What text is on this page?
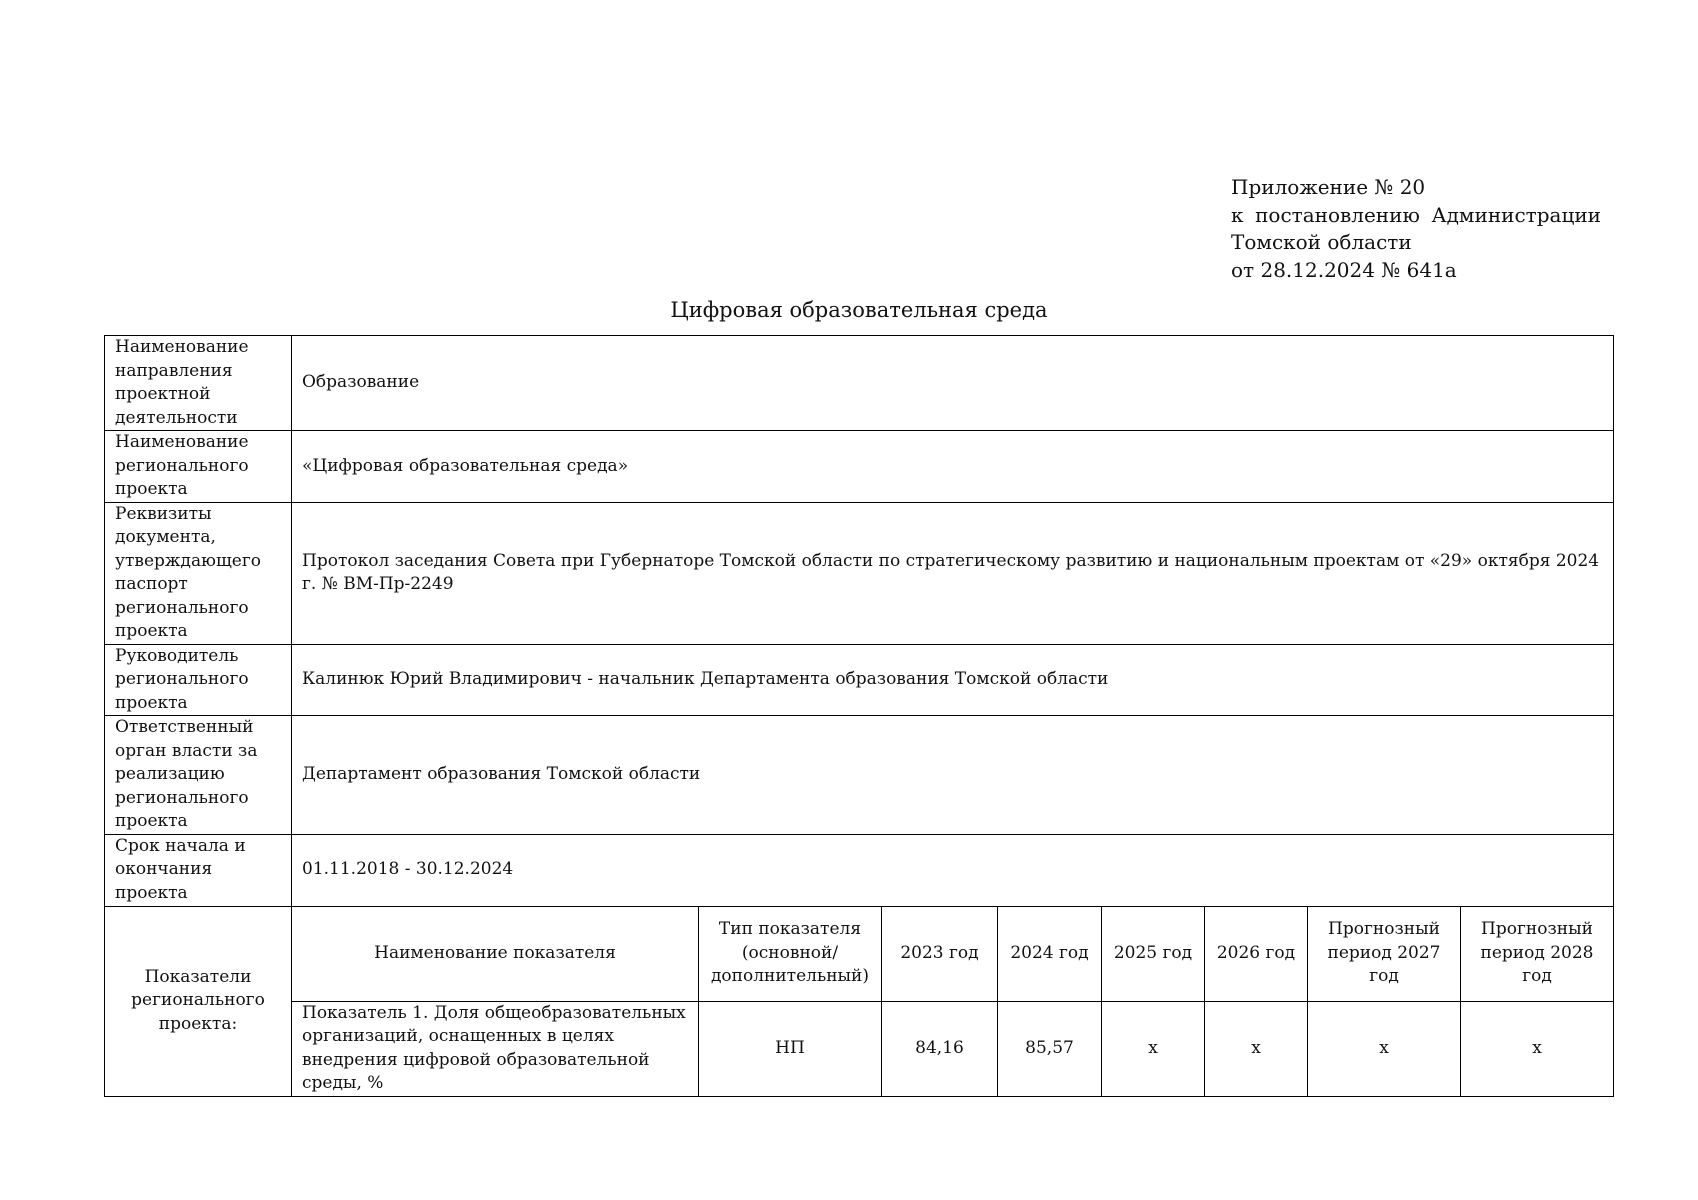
Приложение № 20
к постановлению Администрации
Томской области
от 28.12.2024 № 641а
Цифровая образовательная среда
Наименование направления проектной деятельности	Образование							
Наименование регионального проекта	«Цифровая образовательная среда»							
Реквизиты документа, утверждающего паспорт регионального проекта	Протокол заседания Совета при Губернаторе Томской области по стратегическому развитию и национальным проектам от «29» октября 2024 г. № ВМ-Пр-2249							
Руководитель регионального проекта	Калинюк Юрий Владимирович - начальник Департамента образования Томской области							
Ответственный орган власти за реализацию регионального проекта	Департамент образования Томской области							
Срок начала и окончания проекта	01.11.2018 - 30.12.2024							
Показатели регионального проекта:	Наименование показателя	Тип показателя (основной/ дополнительный)	2023 год	2024 год	2025 год	2026 год	Прогнозный период 2027 год	Прогнозный период 2028 год
	Показатель 1. Доля общеобразовательных организаций, оснащенных в целях внедрения цифровой образовательной среды, %	НП	84,16	85,57	х	х	х	х
